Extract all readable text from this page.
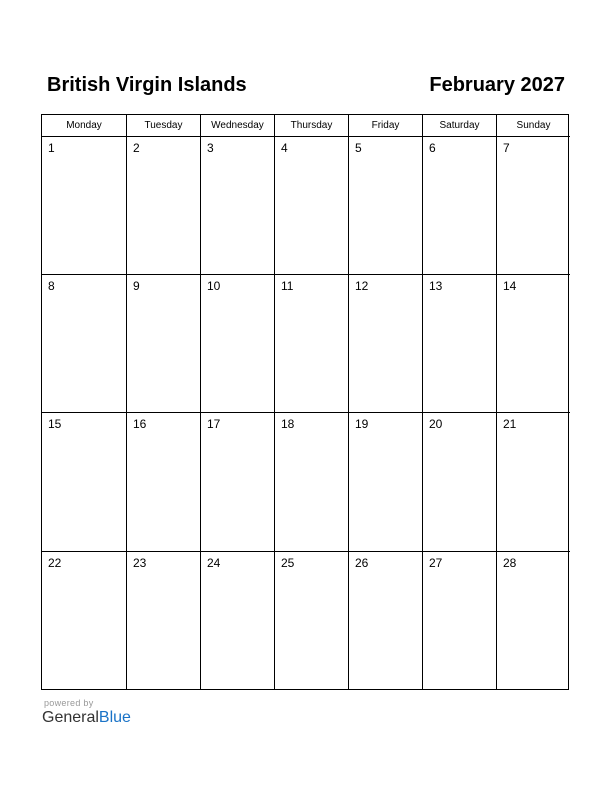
British Virgin Islands	February 2027
Monday	Tuesday	Wednesday	Thursday	Friday	Saturday	Sunday
1	2	3	4	5	6	7
8	9	10	11	12	13	14
15	16	17	18	19	20	21
22	23	24	25	26	27	28
powered by
GeneralBlue
